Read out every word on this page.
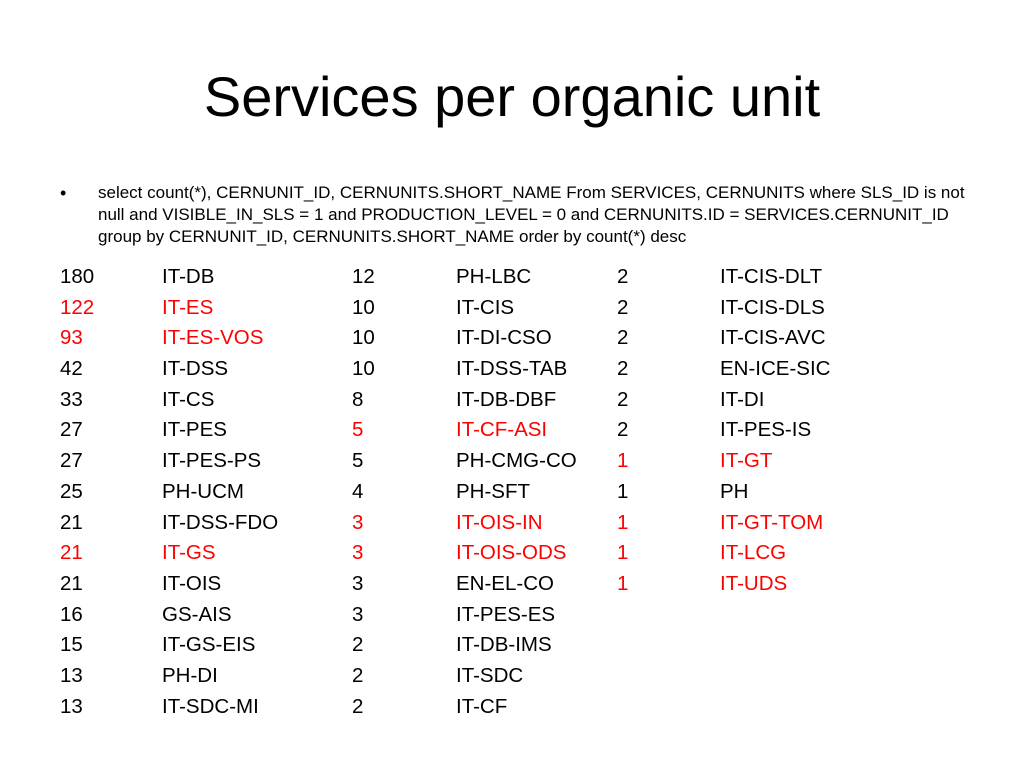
Services per organic unit
• select count(*), CERNUNIT_ID, CERNUNITS.SHORT_NAME From SERVICES, CERNUNITS where SLS_ID is not null and VISIBLE_IN_SLS = 1 and PRODUCTION_LEVEL = 0 and CERNUNITS.ID = SERVICES.CERNUNIT_ID group by CERNUNIT_ID, CERNUNITS.SHORT_NAME order by count(*) desc
180	IT-DB
122	IT-ES
93	IT-ES-VOS
42	IT-DSS
33	IT-CS
27	IT-PES
27	IT-PES-PS
25	PH-UCM
21	IT-DSS-FDO
21	IT-GS
21	IT-OIS
16	GS-AIS
15	IT-GS-EIS
13	PH-DI
13	IT-SDC-MI
12	PH-LBC
10	IT-CIS
10	IT-DI-CSO
10	IT-DSS-TAB
8	IT-DB-DBF
5	IT-CF-ASI
5	PH-CMG-CO
4	PH-SFT
3	IT-OIS-IN
3	IT-OIS-ODS
3	EN-EL-CO
3	IT-PES-ES
2	IT-DB-IMS
2	IT-SDC
2	IT-CF
2	IT-CIS-DLT
2	IT-CIS-DLS
2	IT-CIS-AVC
2	EN-ICE-SIC
2	IT-DI
2	IT-PES-IS
1	IT-GT
1	PH
1	IT-GT-TOM
1	IT-LCG
1	IT-UDS
